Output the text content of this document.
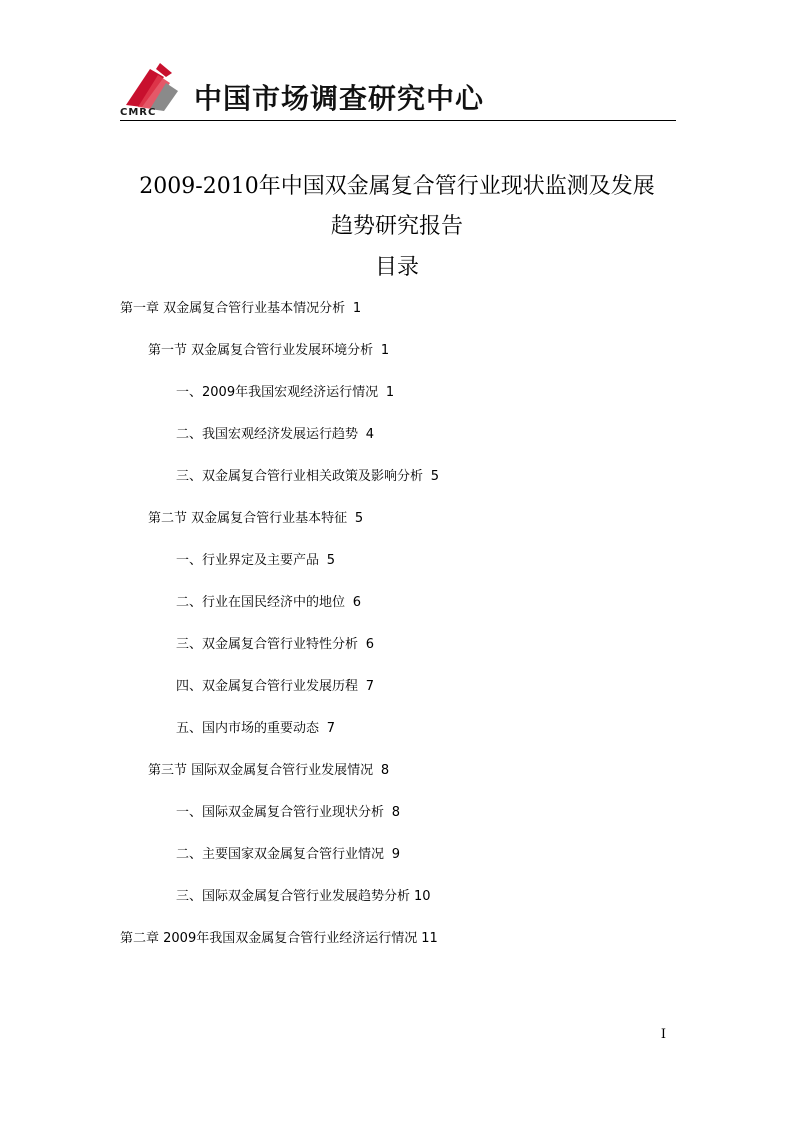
CMRC 中国市场调查研究中心
2009-2010年中国双金属复合管行业现状监测及发展
趋势研究报告
目录
第一章 双金属复合管行业基本情况分析 1
第一节 双金属复合管行业发展环境分析 1
一、2009年我国宏观经济运行情况 1
二、我国宏观经济发展运行趋势 4
三、双金属复合管行业相关政策及影响分析 5
第二节 双金属复合管行业基本特征 5
一、行业界定及主要产品 5
二、行业在国民经济中的地位 6
三、双金属复合管行业特性分析 6
四、双金属复合管行业发展历程 7
五、国内市场的重要动态 7
第三节 国际双金属复合管行业发展情况 8
一、国际双金属复合管行业现状分析 8
二、主要国家双金属复合管行业情况 9
三、国际双金属复合管行业发展趋势分析 10
第二章 2009年我国双金属复合管行业经济运行情况 11
I
